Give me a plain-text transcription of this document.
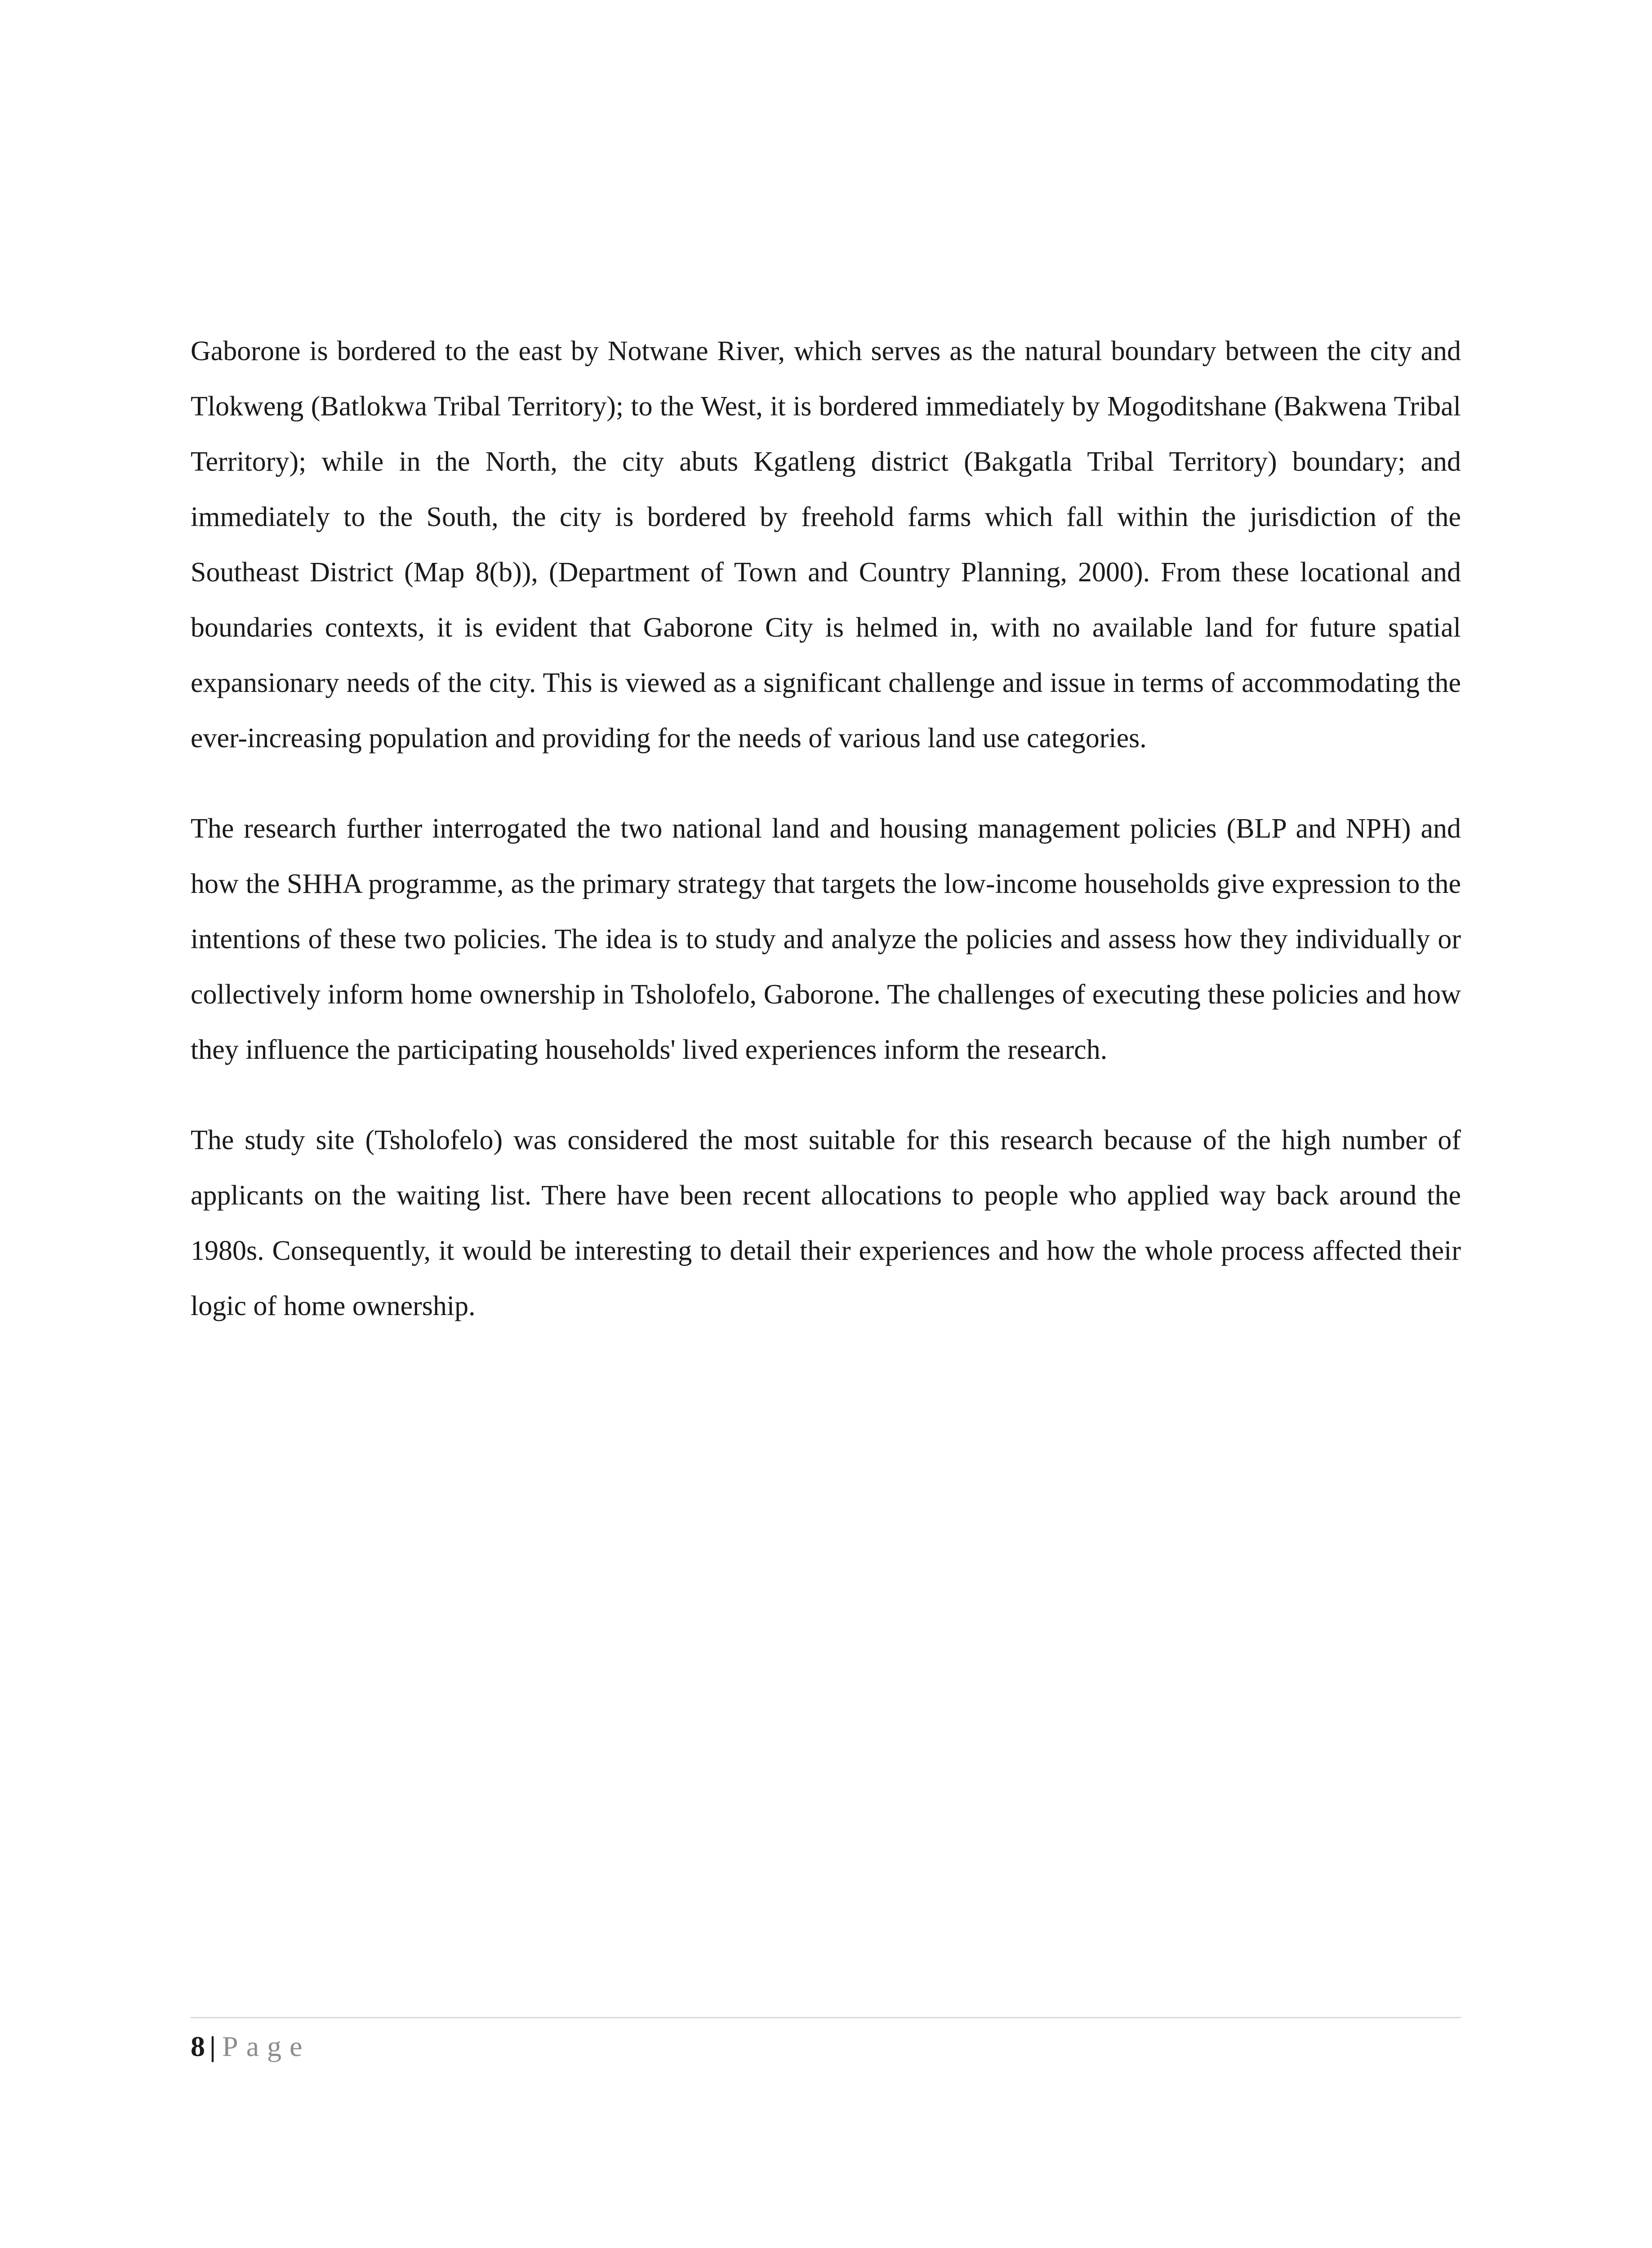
Gaborone is bordered to the east by Notwane River, which serves as the natural boundary between the city and Tlokweng (Batlokwa Tribal Territory); to the West, it is bordered immediately by Mogoditshane (Bakwena Tribal Territory); while in the North, the city abuts Kgatleng district (Bakgatla Tribal Territory) boundary; and immediately to the South, the city is bordered by freehold farms which fall within the jurisdiction of the Southeast District (Map 8(b)), (Department of Town and Country Planning, 2000). From these locational and boundaries contexts, it is evident that Gaborone City is helmed in, with no available land for future spatial expansionary needs of the city. This is viewed as a significant challenge and issue in terms of accommodating the ever-increasing population and providing for the needs of various land use categories.

The research further interrogated the two national land and housing management policies (BLP and NPH) and how the SHHA programme, as the primary strategy that targets the low-income households give expression to the intentions of these two policies. The idea is to study and analyze the policies and assess how they individually or collectively inform home ownership in Tsholofelo, Gaborone. The challenges of executing these policies and how they influence the participating households' lived experiences inform the research.

The study site (Tsholofelo) was considered the most suitable for this research because of the high number of applicants on the waiting list. There have been recent allocations to people who applied way back around the 1980s. Consequently, it would be interesting to detail their experiences and how the whole process affected their logic of home ownership.

8 | Page
